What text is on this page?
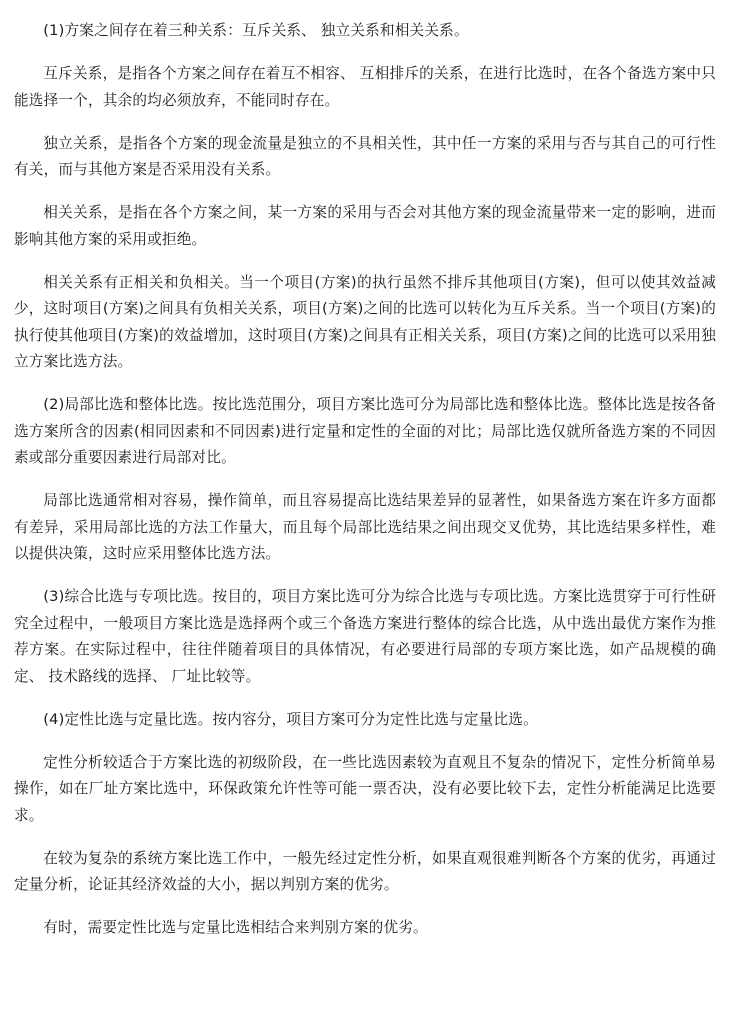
(1)方案之间存在着三种关系：互斥关系、 独立关系和相关关系。

互斥关系，是指各个方案之间存在着互不相容、 互相排斥的关系，在进行比选时，在各个备选方案中只能选择一个，其余的均必须放弃，不能同时存在。

独立关系，是指各个方案的现金流量是独立的不具相关性，其中任一方案的采用与否与其自己的可行性有关，而与其他方案是否采用没有关系。

相关关系，是指在各个方案之间，某一方案的采用与否会对其他方案的现金流量带来一定的影响，进而影响其他方案的采用或拒绝。

相关关系有正相关和负相关。当一个项目(方案)的执行虽然不排斥其他项目(方案)，但可以使其效益减少，这时项目(方案)之间具有负相关关系，项目(方案)之间的比选可以转化为互斥关系。当一个项目(方案)的执行使其他项目(方案)的效益增加，这时项目(方案)之间具有正相关关系，项目(方案)之间的比选可以采用独立方案比选方法。

(2)局部比选和整体比选。按比选范围分，项目方案比选可分为局部比选和整体比选。整体比选是按各备选方案所含的因素(相同因素和不同因素)进行定量和定性的全面的对比；局部比选仅就所备选方案的不同因素或部分重要因素进行局部对比。

局部比选通常相对容易，操作简单，而且容易提高比选结果差异的显著性，如果备选方案在许多方面都有差异，采用局部比选的方法工作量大，而且每个局部比选结果之间出现交叉优势，其比选结果多样性，难以提供决策，这时应采用整体比选方法。

(3)综合比选与专项比选。按目的，项目方案比选可分为综合比选与专项比选。方案比选贯穿于可行性研究全过程中，一般项目方案比选是选择两个或三个备选方案进行整体的综合比选，从中选出最优方案作为推荐方案。在实际过程中，往往伴随着项目的具体情况，有必要进行局部的专项方案比选，如产品规模的确定、 技术路线的选择、 厂址比较等。

(4)定性比选与定量比选。按内容分，项目方案可分为定性比选与定量比选。

定性分析较适合于方案比选的初级阶段，在一些比选因素较为直观且不复杂的情况下，定性分析简单易操作，如在厂址方案比选中，环保政策允许性等可能一票否决，没有必要比较下去，定性分析能满足比选要求。

在较为复杂的系统方案比选工作中，一般先经过定性分析，如果直观很难判断各个方案的优劣，再通过定量分析，论证其经济效益的大小，据以判别方案的优劣。

有时，需要定性比选与定量比选相结合来判别方案的优劣。
